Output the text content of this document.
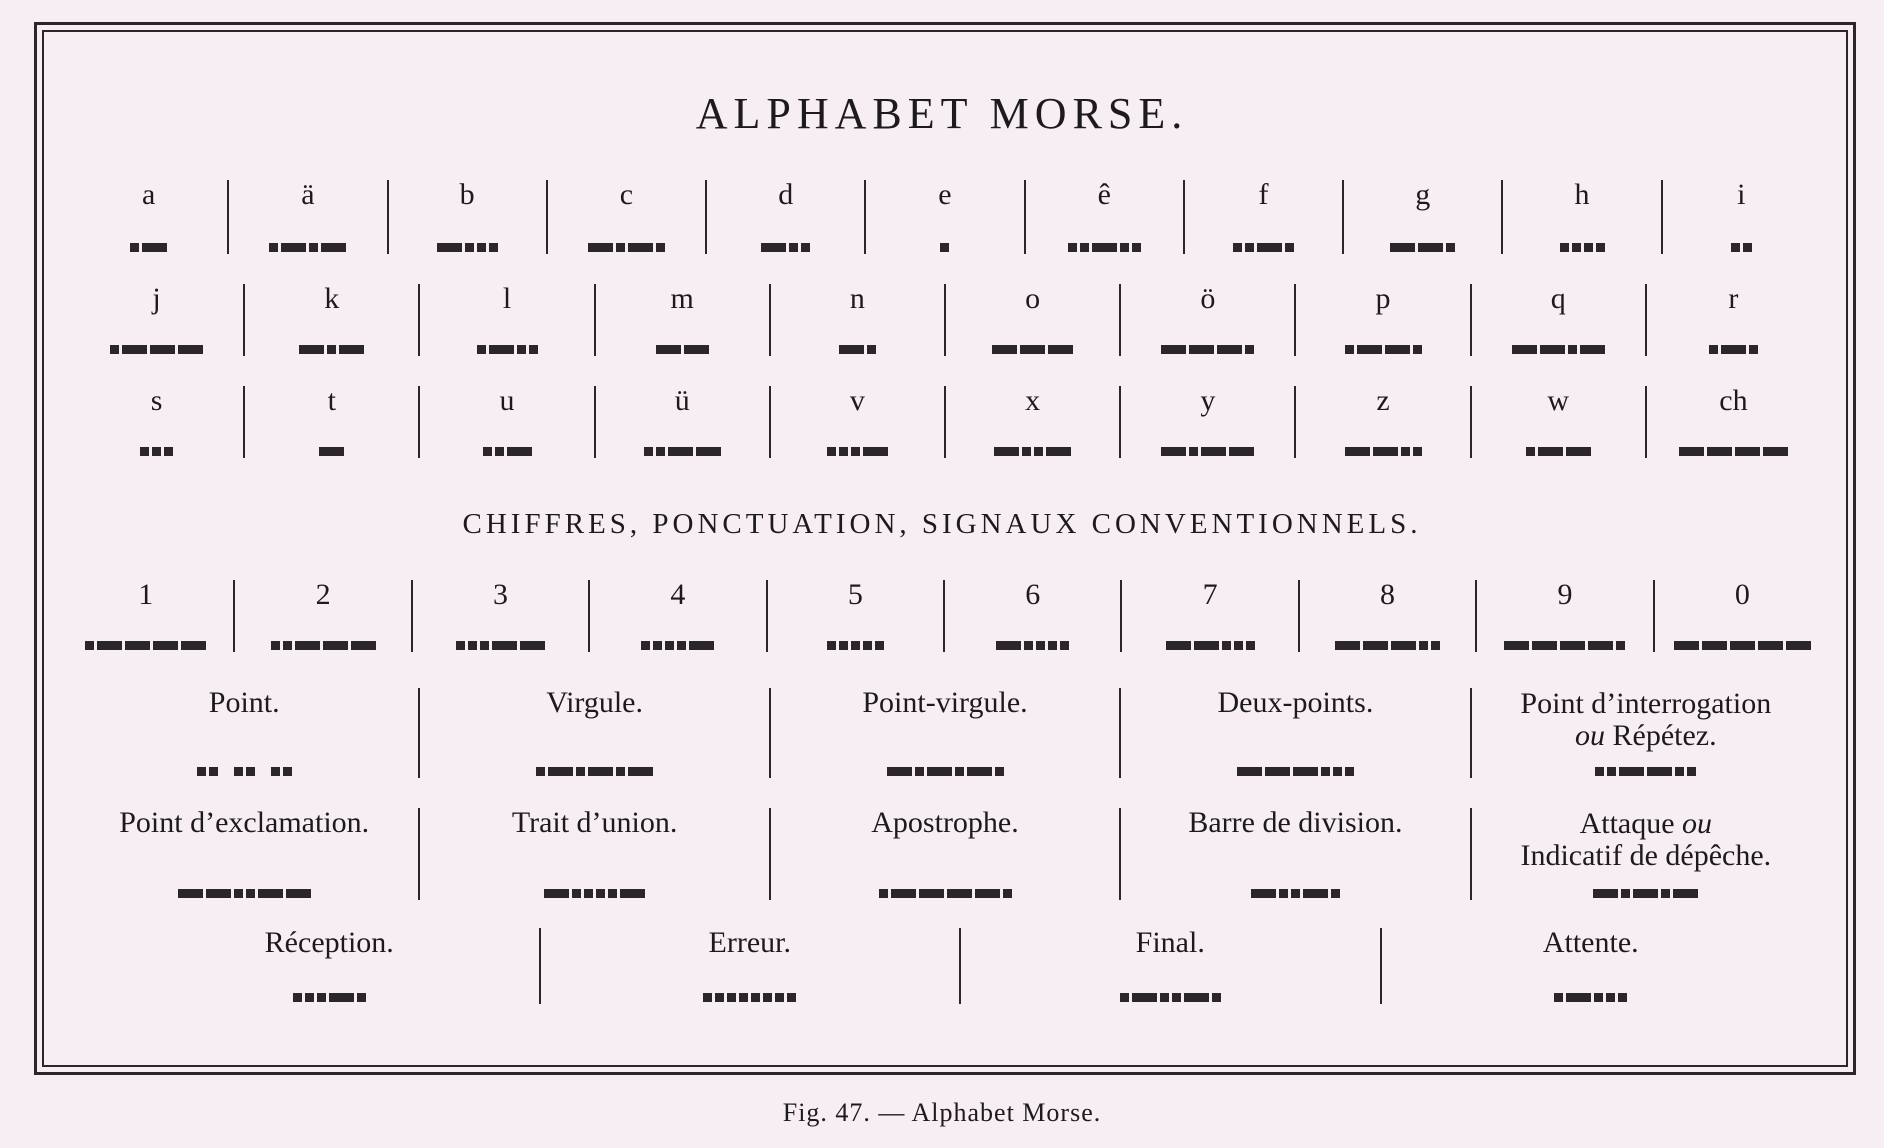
ALPHABET MORSE.
a	ä	b	c	d	e	ê	f	g	h	i
j	k	l	m	n	o	ö	p	q	r
s	t	u	ü	v	x	y	z	w	ch
CHIFFRES, PONCTUATION, SIGNAUX CONVENTIONNELS.
1	2	3	4	5	6	7	8	9	0
Point.	Virgule.	Point-virgule.	Deux-points.	Point d’interrogation
ou Répétez.
Point d’exclamation.	Trait d’union.	Apostrophe.	Barre de division.	Attaque ou
Indicatif de dépêche.
Réception.	Erreur.	Final.	Attente.
Fig. 47. — Alphabet Morse.
